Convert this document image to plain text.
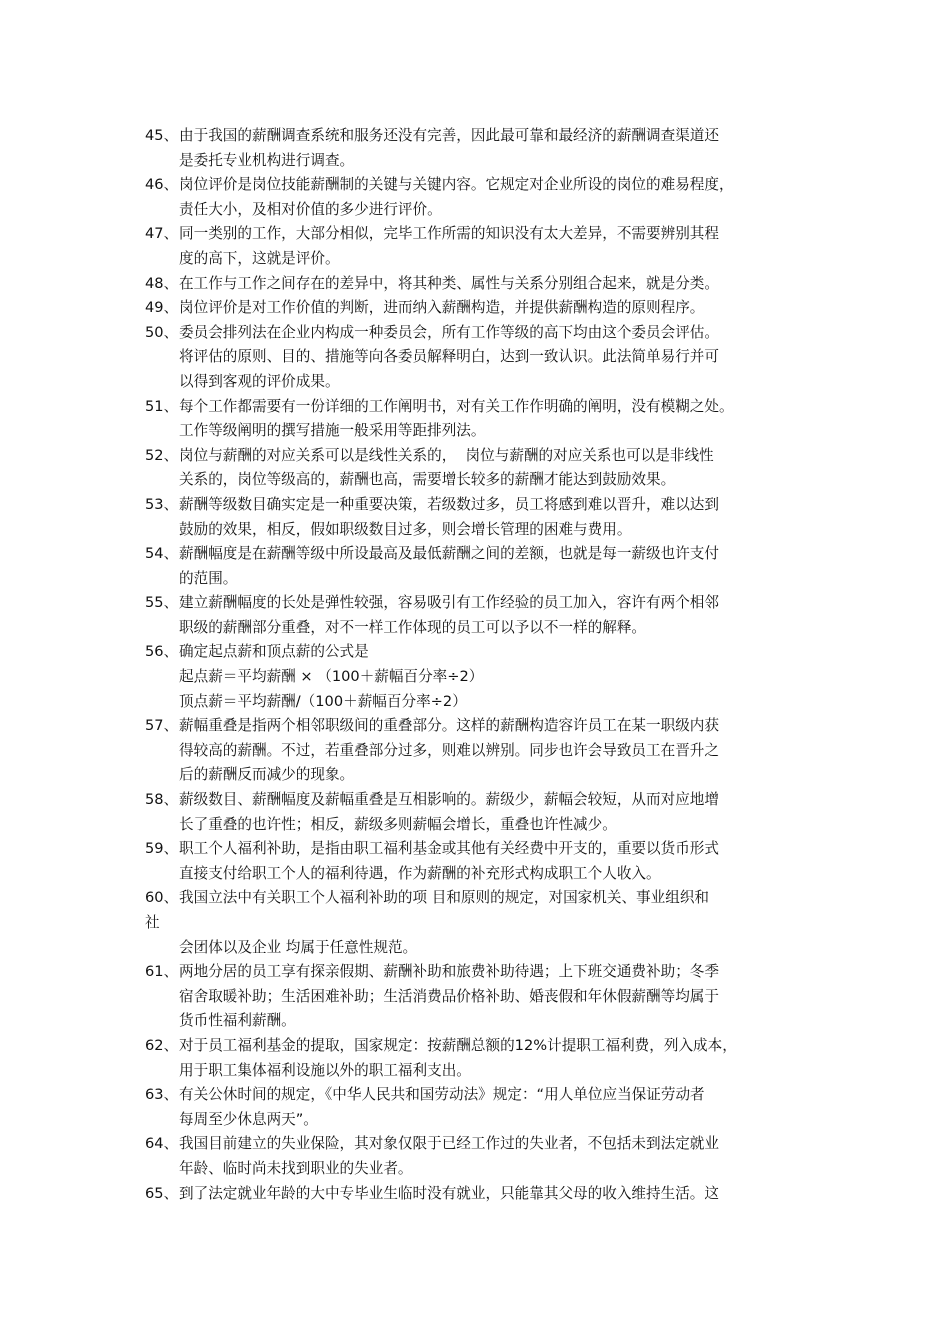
45、 由于我国的薪酬调查系统和服务还没有完善，因此最可靠和最经济的薪酬调查渠道还
是委托专业机构进行调查。
46、 岗位评价是岗位技能薪酬制的关键与关键内容。它规定对企业所设的岗位的难易程度，
责任大小，及相对价值的多少进行评价。
47、 同一类别的工作，大部分相似，完毕工作所需的知识没有太大差异，不需要辨别其程
度的高下，这就是评价。
48、 在工作与工作之间存在的差异中，将其种类、属性与关系分别组合起来，就是分类。
49、 岗位评价是对工作价值的判断，进而纳入薪酬构造，并提供薪酬构造的原则程序。
50、 委员会排列法在企业内构成一种委员会，所有工作等级的高下均由这个委员会评估。
将评估的原则、目的、措施等向各委员解释明白，达到一致认识。此法简单易行并可
以得到客观的评价成果。
51、 每个工作都需要有一份详细的工作阐明书，对有关工作作明确的阐明，没有模糊之处。
工作等级阐明的撰写措施一般采用等距排列法。
52、 岗位与薪酬的对应关系可以是线性关系的，  岗位与薪酬的对应关系也可以是非线性
关系的，岗位等级高的，薪酬也高，需要增长较多的薪酬才能达到鼓励效果。
53、 薪酬等级数目确实定是一种重要决策，若级数过多，员工将感到难以晋升，难以达到
鼓励的效果，相反，假如职级数目过多，则会增长管理的困难与费用。
54、 薪酬幅度是在薪酬等级中所设最高及最低薪酬之间的差额，也就是每一薪级也许支付
的范围。
55、 建立薪酬幅度的长处是弹性较强，容易吸引有工作经验的员工加入，容许有两个相邻
职级的薪酬部分重叠，对不一样工作体现的员工可以予以不一样的解释。
56、 确定起点薪和顶点薪的公式是
起点薪＝平均薪酬 × （100＋薪幅百分率÷2）
顶点薪＝平均薪酬/（100＋薪幅百分率÷2）
57、 薪幅重叠是指两个相邻职级间的重叠部分。这样的薪酬构造容许员工在某一职级内获
得较高的薪酬。不过，若重叠部分过多，则难以辨别。同步也许会导致员工在晋升之
后的薪酬反而减少的现象。
58、 薪级数目、薪酬幅度及薪幅重叠是互相影响的。薪级少，薪幅会较短，从而对应地增
长了重叠的也许性；相反，薪级多则薪幅会增长，重叠也许性减少。
59、 职工个人福利补助，是指由职工福利基金或其他有关经费中开支的，重要以货币形式
直接支付给职工个人的福利待遇，作为薪酬的补充形式构成职工个人收入。
60、 我国立法中有关职工个人福利补助的项 目和原则的规定，对国家机关、事业组织和
社
会团体以及企业 均属于任意性规范。
61、 两地分居的员工享有探亲假期、薪酬补助和旅费补助待遇；上下班交通费补助；冬季
宿舍取暖补助；生活困难补助；生活消费品价格补助、婚丧假和年休假薪酬等均属于
货币性福利薪酬。
62、 对于员工福利基金的提取，国家规定：按薪酬总额的12%计提职工福利费，列入成本，
用于职工集体福利设施以外的职工福利支出。
63、 有关公休时间的规定，《中华人民共和国劳动法》规定：“用人单位应当保证劳动者
每周至少休息两天”。
64、 我国目前建立的失业保险，其对象仅限于已经工作过的失业者，不包括未到法定就业
年龄、临时尚未找到职业的失业者。
65、 到了法定就业年龄的大中专毕业生临时没有就业，只能靠其父母的收入维持生活。这
